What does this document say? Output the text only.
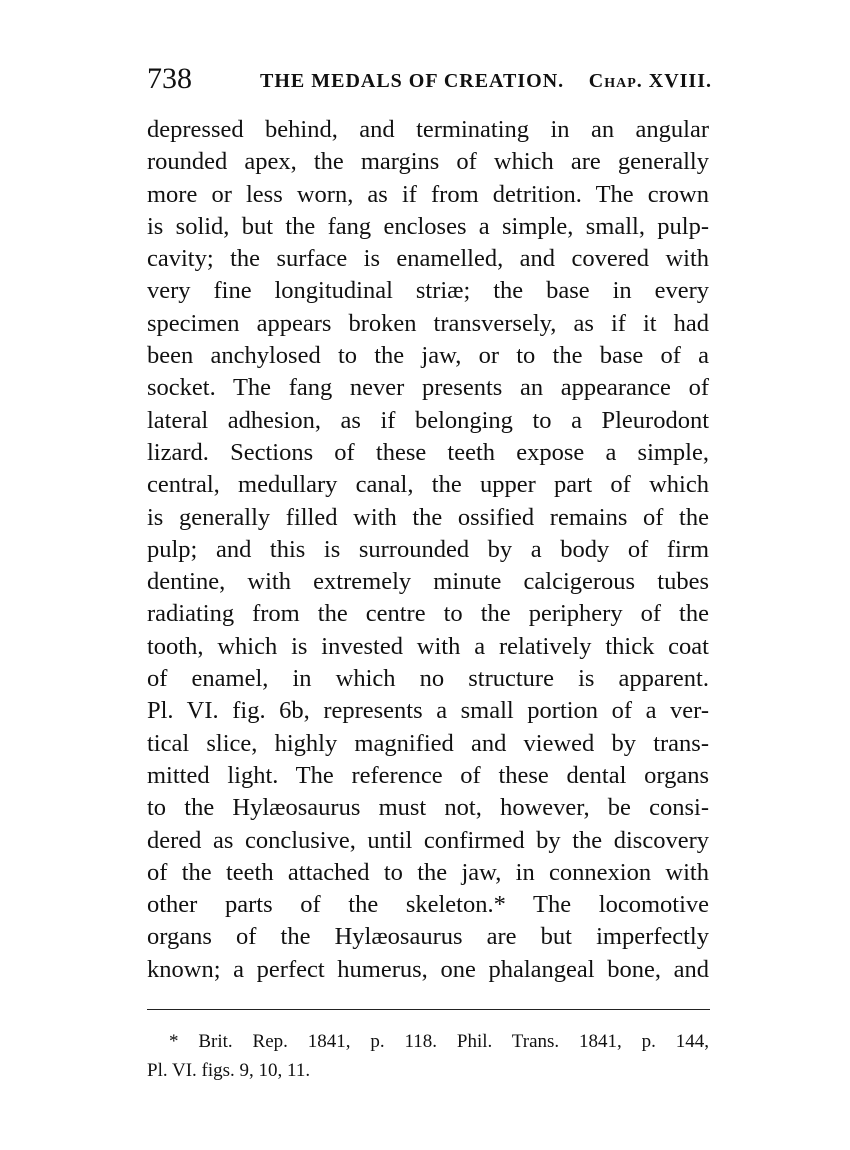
738	THE MEDALS OF CREATION. Chap. XVIII.
depressed behind, and terminating in an angular
rounded apex, the margins of which are generally
more or less worn, as if from detrition. The crown
is solid, but the fang encloses a simple, small, pulp-
cavity; the surface is enamelled, and covered with
very fine longitudinal striæ; the base in every
specimen appears broken transversely, as if it had
been anchylosed to the jaw, or to the base of a
socket. The fang never presents an appearance of
lateral adhesion, as if belonging to a Pleurodont
lizard. Sections of these teeth expose a simple,
central, medullary canal, the upper part of which
is generally filled with the ossified remains of the
pulp; and this is surrounded by a body of firm
dentine, with extremely minute calcigerous tubes
radiating from the centre to the periphery of the
tooth, which is invested with a relatively thick coat
of enamel, in which no structure is apparent.
Pl. VI. fig. 6b, represents a small portion of a ver-
tical slice, highly magnified and viewed by trans-
mitted light. The reference of these dental organs
to the Hylæosaurus must not, however, be consi-
dered as conclusive, until confirmed by the discovery
of the teeth attached to the jaw, in connexion with
other parts of the skeleton.* The locomotive
organs of the Hylæosaurus are but imperfectly
known; a perfect humerus, one phalangeal bone, and
* Brit. Rep. 1841, p. 118. Phil. Trans. 1841, p. 144,
Pl. VI. figs. 9, 10, 11.
